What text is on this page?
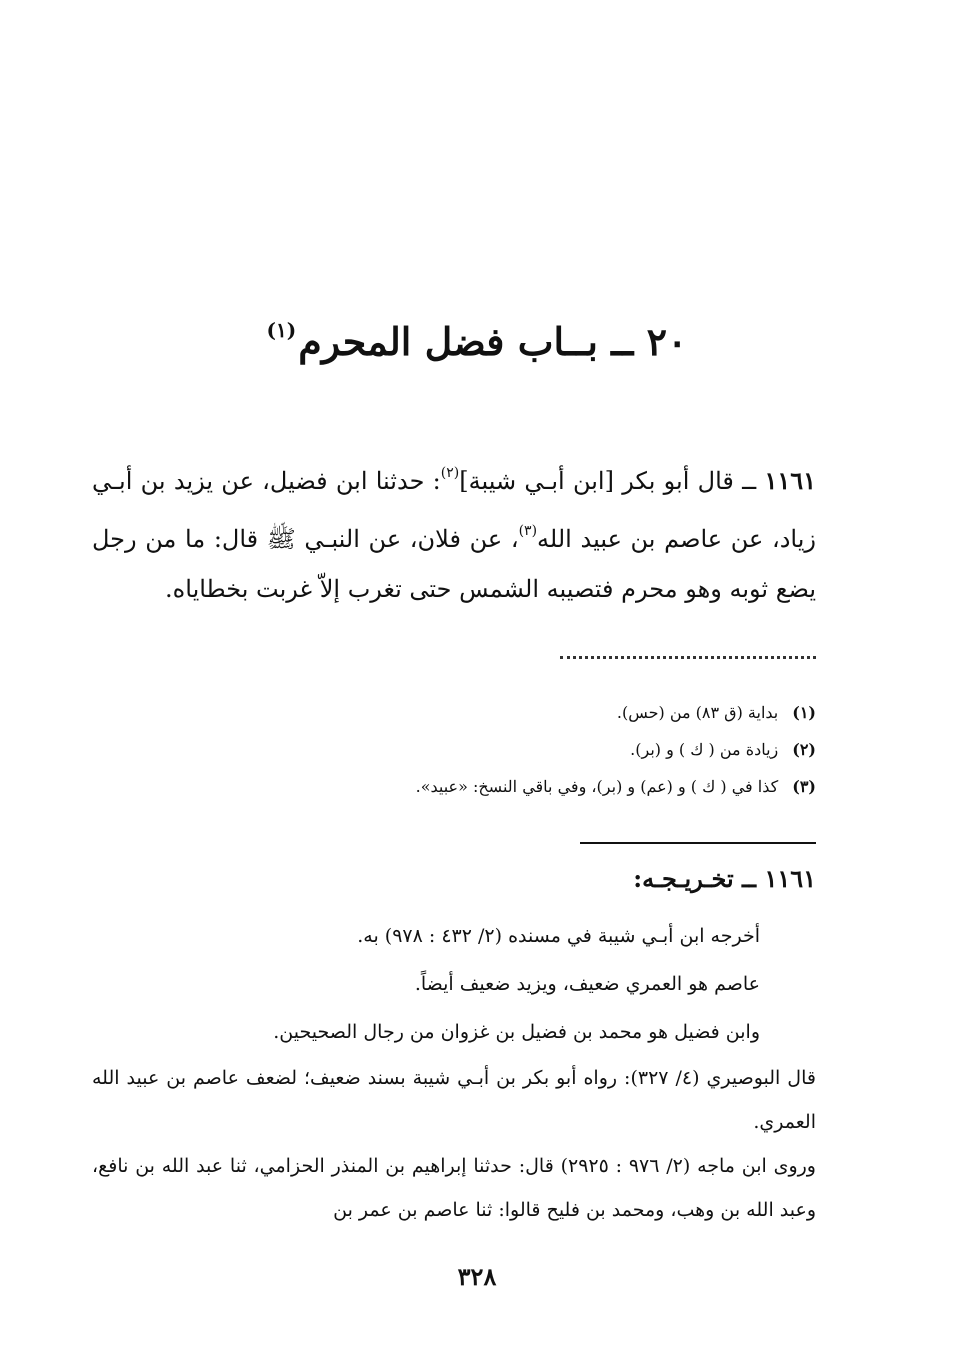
٢٠ ــ بــاب فضل المحرم$^{(١)}$
١١٦١ ــ قال أبو بكر [ابن أبـي شيبة]$^{(٢)}$: حدثنا ابن فضيل، عن يزيد بن أبـي زياد، عن عاصم بن عبيد الله$^{(٣)}$، عن فلان، عن النبـي ﷺ قال: ما من رجل يضع ثوبه وهو محرم فتصيبه الشمس حتى تغرب إلاّ غربت بخطاياه.
(١)بداية (ق ٨٣) من (حس).
(٢)زيادة من ( ك ) و (بر).
(٣)كذا في ( ك ) و (عم) و (بر)، وفي باقي النسخ: «عبيد».
١١٦١ ــ تخـريـجـه:

أخرجه ابن أبـي شيبة في مسنده (٢/ ٤٣٢ : ٩٧٨) به.

عاصم هو العمري ضعيف، ويزيد ضعيف أيضاً.

وابن فضيل هو محمد بن فضيل بن غزوان من رجال الصحيحين.

قال البوصيري (٤/ ٣٢٧): رواه أبو بكر بن أبـي شيبة بسند ضعيف؛ لضعف عاصم بن عبيد الله العمري.

وروى ابن ماجه (٢/ ٩٧٦ : ٢٩٢٥) قال: حدثنا إبراهيم بن المنذر الحزامي، ثنا عبد الله بن نافع، وعبد الله بن وهب، ومحمد بن فليح قالوا: ثنا عاصم بن عمر بن

٣٢٨
